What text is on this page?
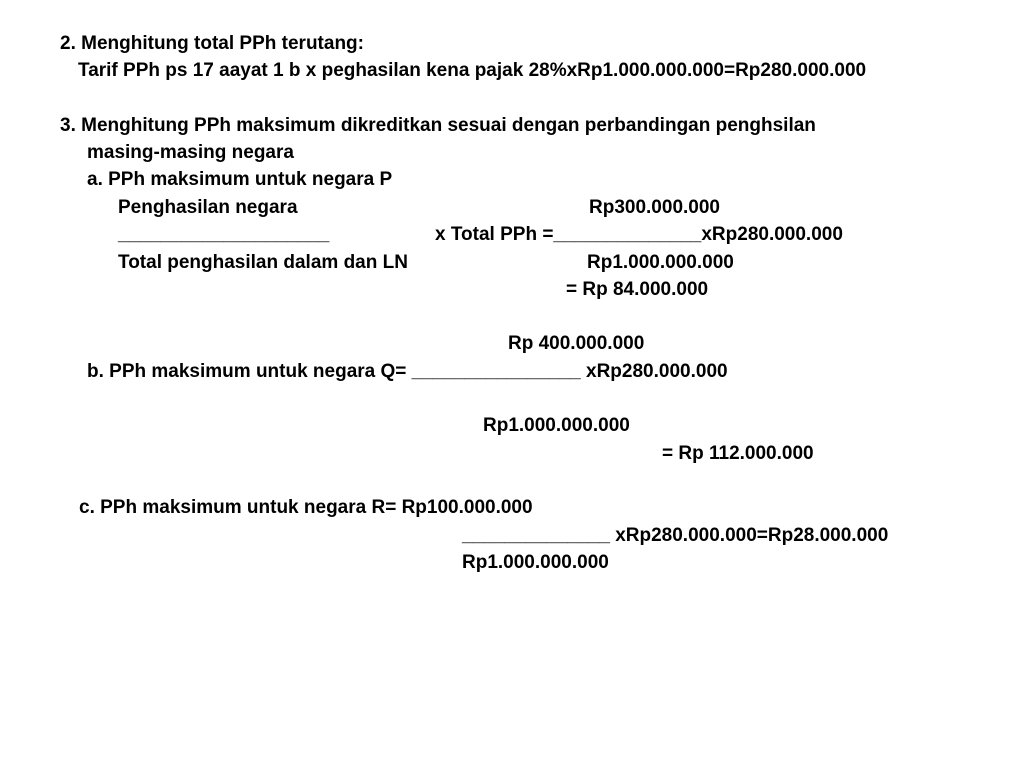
2. Menghitung total PPh terutang:
Tarif PPh ps 17 aayat 1 b x peghasilan kena pajak 28%xRp1.000.000.000=Rp280.000.000
3. Menghitung PPh maksimum dikreditkan sesuai dengan perbandingan penghsilan
masing-masing negara
a. PPh maksimum untuk negara P
Penghasilan negara	Rp300.000.000
____________________	x Total PPh =______________xRp280.000.000
Total penghasilan dalam dan LN	Rp1.000.000.000
= Rp 84.000.000
Rp 400.000.000
b. PPh maksimum untuk negara Q= ________________ xRp280.000.000
Rp1.000.000.000
= Rp 112.000.000
c. PPh maksimum untuk negara R= Rp100.000.000
______________ xRp280.000.000=Rp28.000.000
Rp1.000.000.000
